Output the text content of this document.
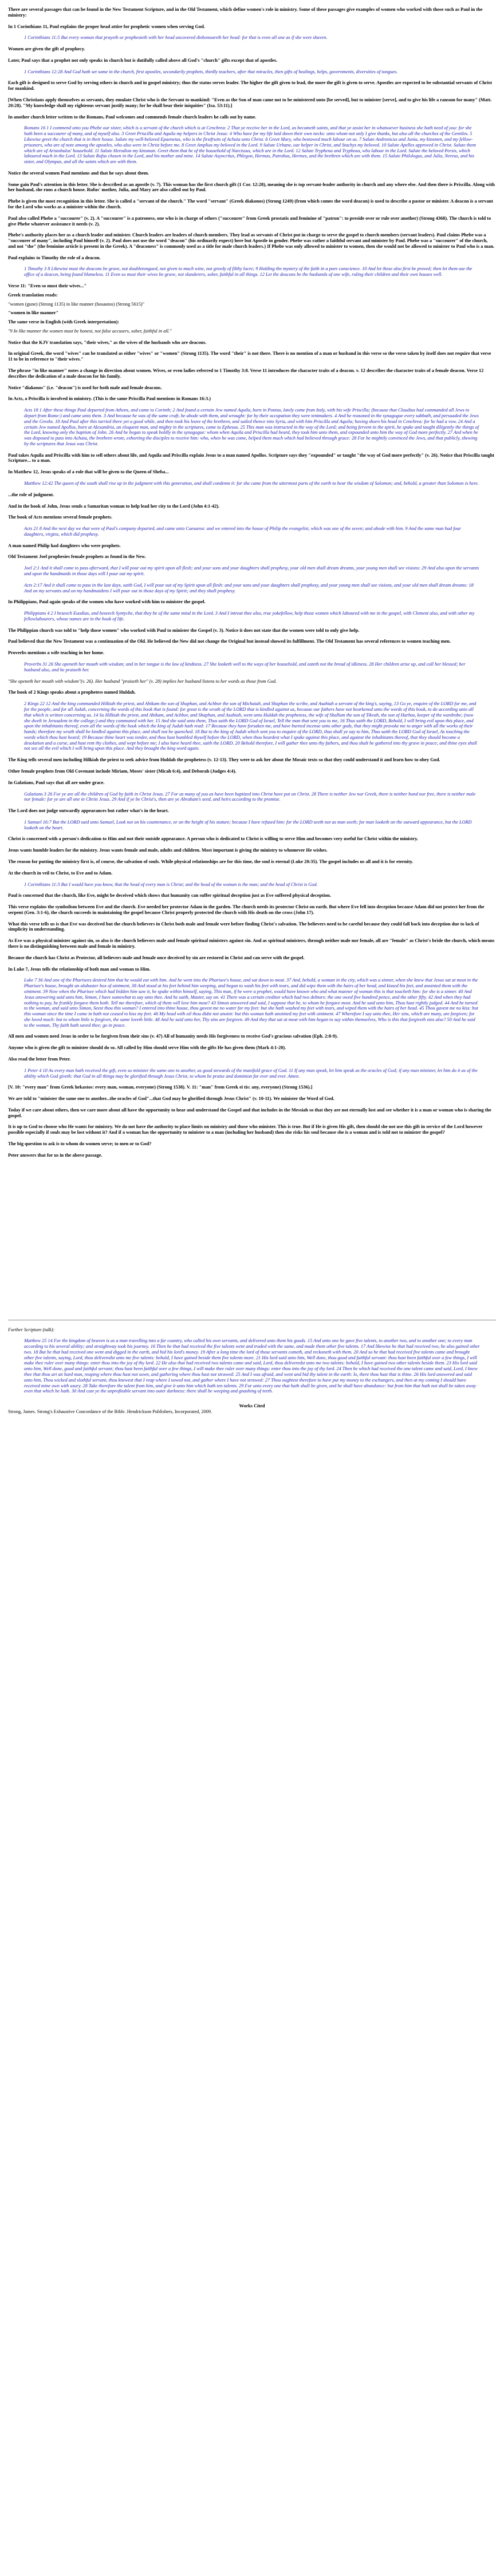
There are several passages that can be found in the New Testament Scripture, and in the Old Testament, which define women's role in ministry. Some of these passages give examples of women who worked with those such as Paul in the ministry:

In 1 Corinthians 11, Paul explains the proper head attire for prophetic women when serving God.

1 Corinthians 11:5 But every woman that prayeth or prophesieth with her head uncovered dishonoureth her head: for that is even all one as if she were shaven.

Women are given the gift of prophecy.

Later, Paul says that a prophet not only speaks in church but is dutifully called above all God's "church" gifts except that of apostles.

1 Corinthians 12:28 And God hath set some in the church, first apostles, secondarily prophets, thirdly teachers, after that miracles, then gifts of healings, helps, governments, diversities of tongues.

Each gift is designed to serve God by serving others in church and in gospel ministry; thus the status serves leader. The higher the gift given to lead, the more the gift is given to serve. Apostles are expected to be substantial servants of Christ for mankind.

[When Christians apply themselves as servants, they emulate Christ who is the Servant to mankind: "Even as the Son of man came not to be ministered unto [be served], but to minister [serve], and to give his life a ransom for many" (Matt. 20:28). "My knowledge shall my righteous servant justify many; for he shall bear their iniquities" (Isa. 53:11).]

In another church letter written to the Romans, Paul welcomes and commends female church leaders he calls out by name.

Romans 16 1 I commend unto you Phebe our sister, which is a servant of the church which is at Cenchrea: 2 That ye receive her in the Lord, as becometh saints, and that ye assist her in whatsoever business she hath need of you: for she hath been a succourer of many, and of myself also. 3 Greet Priscilla and Aquila my helpers in Christ Jesus: 4 Who have for my life laid down their own necks: unto whom not only I give thanks, but also all the churches of the Gentiles. 5 Likewise greet the church that is in their house. Salute my well-beloved Epaenetus, who is the firstfruits of Achaia unto Christ. 6 Greet Mary, who bestowed much labour on us. 7 Salute Andronicus and Junia, my kinsmen, and my fellow-prisoners, who are of note among the apostles, who also were in Christ before me. 8 Greet Amplias my beloved in the Lord. 9 Salute Urbane, our helper in Christ, and Stachys my beloved. 10 Salute Apelles approved in Christ. Salute them which are of Aristobulus' household. 11 Salute Herodion my kinsman. Greet them that be of the household of Narcissus, which are in the Lord. 12 Salute Tryphena and Tryphosa, who labour in the Lord. Salute the beloved Persis, which laboured much in the Lord. 13 Salute Rufus chosen in the Lord, and his mother and mine. 14 Salute Asyncritus, Phlegon, Hermas, Patrobas, Hermes, and the brethren which are with them. 15 Salute Philologus, and Julia, Nereus, and his sister, and Olympas, and all the saints which are with them.

Notice the several women Paul mentions and that he says about them.

Some gain Paul's attention in this letter. She is described as an apostle (v. 7). This woman has the first church gift (1 Cor. 12:28), meaning she is top servant-leader authority in church and any where else. And then there is Priscilla. Along with her husband, she runs a church house. Rufus' mother, Julia, and Mary are also called out by Paul.

Phebe is given the most recognition in this letter. She is called a "servant of the church." The word "servant" (Greek diakonos) (Strong 1249) (from which comes the word deacon) is used to describe a pastor or minister. A deacon is a servant for the Lord who works as a minister within the church.

Paul also called Phebe a "succourer" (v. 2). A "succourer" is a patroness, one who is in charge of others ("succourer" from Greek prostatis and feminine of "patron": to preside over or rule over another) (Strong 4368). The church is told to give Phebe whatever assistance it needs (v. 2).

Phebe's authority places her as a church leader and minister. Church leaders are leaders of church members. They lead as servants of Christ put in charge to serve the gospel to church members (servant leaders). Paul claims Phebe was a "succourer of many", including Paul himself (v. 2). Paul does not use the word "deacon" (his ordinarily expect) here but Apostle in gender. Phebe was rather a faithful servant and minister by Paul. Phebe was a "succourer" of the church, and not "the" (the feminine article is present in the Greek). A "deaconess" is commonly used as a title for male church leaders.) If Phebe was only allowed to minister to women, then she would not be allowed to minister to Paul who is a man.

Paul explains to Timothy the role of a deacon.

1 Timothy 3 8 Likewise must the deacons be grave, not doubletongued, not given to much wine, not greedy of filthy lucre; 9 Holding the mystery of the faith in a pure conscience. 10 And let these also first be proved; then let them use the office of a deacon, being found blameless. 11 Even so must their wives be grave, not slanderers, sober, faithful in all things. 12 Let the deacons be the husbands of one wife, ruling their children and their own houses well.

Verse 11: "Even so must their wives..."

Greek translation reads:

"women (gune) (Strong 1135) in like manner (hosautos) (Strong 5615)"

"women in like manner"

The same verse in English (with Greek interpretation):

"9 In like manner the women must be honest, not false accusers, sober, faithful in all."

Notice that the KJV translation says, "their wives," as the wives of the husbands who are deacons.

In original Greek, the word "wives" can be translated as either "wives" or "women" (Strong 1135). The word "their" is not there. There is no mention of a man or husband in this verse so the verse taken by itself does not require that verse 11 to be in reference to "their wives."

The phrase "in like manner" notes a change in direction about women. Wives, or even ladies referred to 1 Timothy 3:8. Verse 11 introduces the character traits of a deacon. v. 12 describes the character traits of a female deacon. Verse 12 describes the dedication of a male deacon for his family.

Notice "diakonos" (i.e. "deacon") is used for both male and female deacons.

In Acts, a Priscilla is involved in ministry. (This is the same Priscilla Paul mentions in Romans 16:3.)

Acts 18 1 After these things Paul departed from Athens, and came to Corinth; 2 And found a certain Jew named Aquila, born in Pontus, lately come from Italy, with his wife Priscilla; (because that Claudius had commanded all Jews to depart from Rome:) and came unto them. 3 And because he was of the same craft, he abode with them, and wrought: for by their occupation they were tentmakers. 4 And he reasoned in the synagogue every sabbath, and persuaded the Jews and the Greeks. 18 And Paul after this tarried there yet a good while, and then took his leave of the brethren, and sailed thence into Syria, and with him Priscilla and Aquila; having shorn his head in Cenchrea: for he had a vow. 24 And a certain Jew named Apollos, born at Alexandria, an eloquent man, and mighty in the scriptures, came to Ephesus. 25 This man was instructed in the way of the Lord; and being fervent in the spirit, he spake and taught diligently the things of the Lord, knowing only the baptism of John. 26 And he began to speak boldly in the synagogue: whom when Aquila and Priscilla had heard, they took him unto them, and expounded unto him the way of God more perfectly. 27 And when he was disposed to pass into Achaia, the brethren wrote, exhorting the disciples to receive him: who, when he was come, helped them much which had believed through grace: 28 For he mightily convinced the Jews, and that publicly, shewing by the scriptures that Jesus was Christ.

Paul takes Aquila and Priscilla with him to sell others about life, and Aquila and Priscilla explain Jesus to a man named Apollos. Scripture says they "expounded" or taught "the way of God more perfectly" (v. 26). Notice that Priscilla taught Scripture... to a man.

In Matthew 12, Jesus speaks of a role that will be given to the Queen of Sheba...

Matthew 12:42 The queen of the south shall rise up in the judgment with this generation, and shall condemn it: for she came from the uttermost parts of the earth to hear the wisdom of Solomon; and, behold, a greater than Solomon is here.

...the role of judgment.

And in the book of John, Jesus sends a Samaritan woman to help lead her city to the Lord (John 4:1-42).

The book of Acts mentions several female prophets.

Acts 21 8 And the next day we that were of Paul's company departed, and came unto Caesarea: and we entered into the house of Philip the evangelist, which was one of the seven; and abode with him. 9 And the same man had four daughters, virgins, which did prophesy.

A man named Philip had daughters who were prophets.

Old Testament Joel prophesies female prophets as found in the New.

Joel 2:1 And it shall come to pass afterward, that I will pour out my spirit upon all flesh; and your sons and your daughters shall prophesy, your old men shall dream dreams, your young men shall see visions: 29 And also upon the servants and upon the handmaids in those days will I pour out my spirit.

Acts 2:17 And it shall come to pass in the last days, saith God, I will pour out of my Spirit upon all flesh: and your sons and your daughters shall prophesy, and your young men shall see visions, and your old men shall dream dreams: 18 And on my servants and on my handmaidens I will pour out in those days of my Spirit; and they shall prophesy.

In Philippians, Paul again speaks of the women who have worked with him to minister the gospel.

Philippians 4 2 I beseech Euodias, and beseech Syntyche, that they be of the same mind in the Lord. 3 And I intreat thee also, true yokefellow, help those women which laboured with me in the gospel, with Clement also, and with other my fellowlabourers, whose names are in the book of life.

The Philippian church was told to "help those women" who worked with Paul to minister the Gospel (v. 3). Notice it does not state that the women were told to only give help.

Paul believed that the New Testament was a continuation of the Old. He believed the New did not change the Original but instead showed its fulfillment. The Old Testament has several references to women teaching men.

Proverbs mentions a wife teaching in her home.

Proverbs 31 26 She openeth her mouth with wisdom; and in her tongue is the law of kindness. 27 She looketh well to the ways of her household, and eateth not the bread of idleness. 28 Her children arise up, and call her blessed; her husband also, and he praiseth her.

"She openeth her mouth with wisdom"(v. 26). Her husband "praiseth her" (v. 28) implies her husband listens to her words as those from God.

The book of 2 Kings speaks about a prophetess named Huldah.

2 Kings 22 12 And the king commanded Hilkiah the priest, and Ahikam the son of Shaphan, and Achbor the son of Michaiah, and Shaphan the scribe, and Asahiah a servant of the king's, saying, 13 Go ye, enquire of the LORD for me, and for the people, and for all Judah, concerning the words of this book that is found: for great is the wrath of the LORD that is kindled against us, because our fathers have not hearkened unto the words of this book, to do according unto all that which is written concerning us. 14 So Hilkiah the priest, and Ahikam, and Achbor, and Shaphan, and Asahiah, went unto Huldah the prophetess, the wife of Shallum the son of Tikvah, the son of Harhas, keeper of the wardrobe; (now she dwelt in Jerusalem in the college;) and they communed with her. 15 And she said unto them, Thus saith the LORD God of Israel, Tell the man that sent you to me, 16 Thus saith the LORD, Behold, I will bring evil upon this place, and upon the inhabitants thereof, even all the words of the book which the king of Judah hath read: 17 Because they have forsaken me, and have burned incense unto other gods, that they might provoke me to anger with all the works of their hands; therefore my wrath shall be kindled against this place, and shall not be quenched. 18 But to the king of Judah which sent you to enquire of the LORD, thus shall ye say to him, Thus saith the LORD God of Israel, As touching the words which thou hast heard; 19 Because thine heart was tender, and thou hast humbled thyself before the LORD, when thou heardest what I spake against this place, and against the inhabitants thereof, that they should become a desolation and a curse, and hast rent thy clothes, and wept before me; I also have heard thee, saith the LORD. 20 Behold therefore, I will gather thee unto thy fathers, and thou shalt be gathered into thy grave in peace; and thine eyes shall not see all the evil which I will bring upon this place. And they brought the king word again.

The King tells several men including Hilkiah the priest to seek advice from Huldah the prophetess (v. 12-13). They were to ask her about the Mosaic texts so that they could understand it and learn how to obey God.

Other female prophets from Old Covenant include Miriam, Moses' sister (Micah 6:4), and Deborah (Judges 4:4).

In Galatians, Paul says that all are under grace.

Galatians 3 26 For ye are all the children of God by faith in Christ Jesus. 27 For as many of you as have been baptized into Christ have put on Christ. 28 There is neither Jew nor Greek, there is neither bond nor free, there is neither male nor female: for ye are all one in Christ Jesus. 29 And if ye be Christ's, then are ye Abraham's seed, and heirs according to the promise.

The Lord does not judge outwardly appearances but rather what's in the heart.

1 Samuel 16:7 But the LORD said unto Samuel, Look not on his countenance, or on the height of his stature; because I have refused him: for the LORD seeth not as man seeth; for man looketh on the outward appearance, but the LORD looketh on the heart.

Christ is concerned with a person's dedication to Him and not their outside appearance. A person who is dedicated to Christ is willing to serve Him and becomes very useful for Christ within the ministry.

Jesus wants humble leaders for the ministry. Jesus wants female and male, adults and children. Most important is giving the ministry to whomever He wishes.

The reason for putting the ministry first is, of course, the salvation of souls. While physical relationships are for this time, the soul is eternal (Luke 20:35). The gospel includes us all and it is for eternity.

At the church in veil to Christ, to Eve and to Adam.

1 Corinthians 11:3 But I would have you know, that the head of every man is Christ; and the head of the woman is the man; and the head of Christ is God.

Paul is concerned that the church, like Eve, might be deceived which shows that humanity can suffer spiritual deception just as Eve suffered physical deception.

This verse explains the symbolism between Eve and the church. Eve needed her protector Adam in the garden. The church needs its protector Christ on earth. But where Eve fell into deception because Adam did not protect her from the serpent (Gen. 3:1-6), the church succeeds in maintaining the gospel because Christ properly protected the church with His death on the cross (John 17).

What this verse tells us is that Eve was deceived but the church believers in Christ both male and female were before finding Christ's salvation. The believers need to be careful because they could fall back into deception due to lack of simplicity in understanding.

As Eve was a physical minister against sin, so also is the church believers male and female spiritual ministers against sin. And as spiritual ministers, through neither male nor female, all are "female" as Christ's bride the church, which means there is no distinguishing between male and female in ministry.

Because the church has Christ as Protector, all believers male and female once deceived by sin are restored in Christ and can serve with the gospel.

In Luke 7, Jesus tells the relationship of both man and woman to Him.

Luke 7 36 And one of the Pharisees desired him that he would eat with him. And he went into the Pharisee's house, and sat down to meat. 37 And, behold, a woman in the city, which was a sinner, when she knew that Jesus sat at meat in the Pharisee's house, brought an alabaster box of ointment, 38 And stood at his feet behind him weeping, and began to wash his feet with tears, and did wipe them with the hairs of her head, and kissed his feet, and anointed them with the ointment. 39 Now when the Pharisee which had bidden him saw it, he spake within himself, saying, This man, if he were a prophet, would have known who and what manner of woman this is that toucheth him: for she is a sinner. 40 And Jesus answering said unto him, Simon, I have somewhat to say unto thee. And he saith, Master, say on. 41 There was a certain creditor which had two debtors: the one owed five hundred pence, and the other fifty. 42 And when they had nothing to pay, he frankly forgave them both. Tell me therefore, which of them will love him most? 43 Simon answered and said, I suppose that he, to whom he forgave most. And he said unto him, Thou hast rightly judged. 44 And he turned to the woman, and said unto Simon, Seest thou this woman? I entered into thine house, thou gavest me no water for my feet: but she hath washed my feet with tears, and wiped them with the hairs of her head. 45 Thou gavest me no kiss: but this woman since the time I came in hath not ceased to kiss my feet. 46 My head with oil thou didst not anoint: but this woman hath anointed my feet with ointment. 47 Wherefore I say unto thee, Her sins, which are many, are forgiven; for she loved much: but to whom little is forgiven, the same loveth little. 48 And he said unto her, Thy sins are forgiven. 49 And they that sat at meat with him began to say within themselves, Who is this that forgiveth sins also? 50 And he said to the woman, Thy faith hath saved thee; go in peace.

All men and women need Jesus in order to be forgiven from their sins (v. 47) All of humanity needs His forgiveness to receive God's gracious salvation (Eph. 2:8-9).

Anyone who is given the gift to minister should do so. All called by Him should serve Him with the gifts He has given them (Mark 4:1-20).

Also read the letter from Peter.

1 Peter 4 10 As every man hath received the gift, even so minister the same one to another, as good stewards of the manifold grace of God. 11 If any man speak, let him speak as the oracles of God; if any man minister, let him do it as of the ability which God giveth: that God in all things may be glorified through Jesus Christ, to whom be praise and dominion for ever and ever. Amen.

[V. 10: "every man" from Greek hekastos: every man, woman, everyone) (Strong 1538). V. 11: "man" from Greek ei tis: any, everyone) (Strong 1536).]

We are told to "minister the same one to another...the oracles of God"...that God may be glorified through Jesus Christ" (v. 10-11). We minister the Word of God.

Today if we care about others, then we care more about all have the opportunity to hear and understand the Gospel and that includes in the Messiah so that they are not eternally lost and see whether it is a man or woman who is sharing the gospel.

It is up to God to choose who He wants for ministry. We do not have the authority to place limits on ministry and those who minister. This is true. But if He is given His gift, then should she not use this gift in service of the Lord however possible especially if souls may be lost without it? And if a woman has the opportunity to minister to a man (including her husband) then she risks his soul because she is a woman and is told not to minister the gospel?

The big question to ask is to whom do women serve; to men or to God?

Peter answers that for us in the above passage.

Further Scripture (talk):

Matthew 25 14 For the kingdom of heaven is as a man travelling into a far country, who called his own servants, and delivered unto them his goods. 15 And unto one he gave five talents, to another two, and to another one; to every man according to his several ability; and straightway took his journey. 16 Then he that had received the five talents went and traded with the same, and made them other five talents. 17 And likewise he that had received two, he also gained other two. 18 But he that had received one went and digged in the earth, and hid his lord's money. 19 After a long time the lord of those servants cometh, and reckoneth with them. 20 And so he that had received five talents came and brought other five talents, saying, Lord, thou deliveredst unto me five talents: behold, I have gained beside them five talents more. 21 His lord said unto him, Well done, thou good and faithful servant: thou hast been faithful over a few things, I will make thee ruler over many things: enter thou into the joy of thy lord. 22 He also that had received two talents came and said, Lord, thou deliveredst unto me two talents: behold, I have gained two other talents beside them. 23 His lord said unto him, Well done, good and faithful servant; thou hast been faithful over a few things, I will make thee ruler over many things: enter thou into the joy of thy lord. 24 Then he which had received the one talent came and said, Lord, I knew thee that thou art an hard man, reaping where thou hast not sown, and gathering where thou hast not strawed: 25 And I was afraid, and went and hid thy talent in the earth: lo, there thou hast that is thine. 26 His lord answered and said unto him, Thou wicked and slothful servant, thou knewest that I reap where I sowed not, and gather where I have not strawed: 27 Thou oughtest therefore to have put my money to the exchangers, and then at my coming I should have received mine own with usury. 28 Take therefore the talent from him, and give it unto him which hath ten talents. 29 For unto every one that hath shall be given, and he shall have abundance: but from him that hath not shall be taken away even that which he hath. 30 And cast ye the unprofitable servant into outer darkness: there shall be weeping and gnashing of teeth.

Works Cited

Strong, James. Strong's Exhaustive Concordance of the Bible. Hendrickson Publishers, Incorporated, 2009.
